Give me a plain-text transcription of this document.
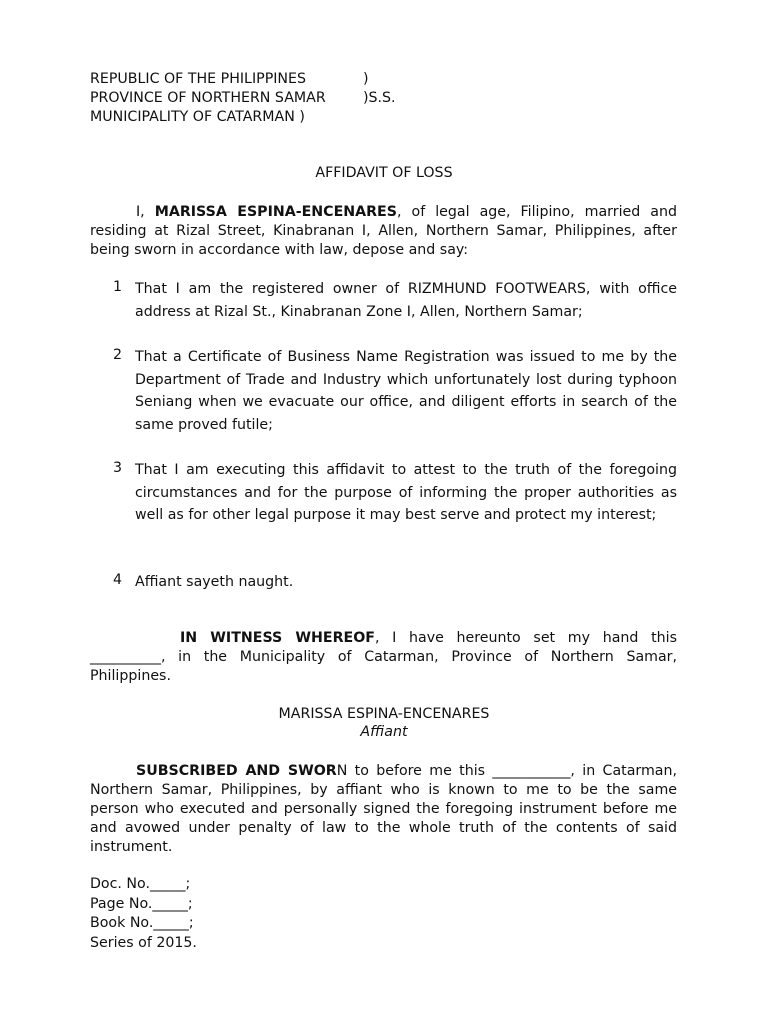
REPUBLIC OF THE PHILIPPINES	)
PROVINCE OF NORTHERN SAMAR	)S.S.
MUNICIPALITY OF CATARMAN )
AFFIDAVIT OF LOSS
I, MARISSA ESPINA-ENCENARES, of legal age, Filipino, married and residing at Rizal Street, Kinabranan I, Allen, Northern Samar, Philippines, after being sworn in accordance with law, depose and say:
1 That I am the registered owner of RIZMHUND FOOTWEARS, with office address at Rizal St., Kinabranan Zone I, Allen, Northern Samar;
2 That a Certificate of Business Name Registration was issued to me by the Department of Trade and Industry which unfortunately lost during typhoon Seniang when we evacuate our office, and diligent efforts in search of the same proved futile;
3 That I am executing this affidavit to attest to the truth of the foregoing circumstances and for the purpose of informing the proper authorities as well as for other legal purpose it may best serve and protect my interest;
4 Affiant sayeth naught.
IN WITNESS WHEREOF, I have hereunto set my hand this __________, in the Municipality of Catarman, Province of Northern Samar, Philippines.
MARISSA ESPINA-ENCENARES
Affiant
SUBSCRIBED AND SWORN to before me this ___________, in Catarman, Northern Samar, Philippines, by affiant who is known to me to be the same person who executed and personally signed the foregoing instrument before me and avowed under penalty of law to the whole truth of the contents of said instrument.
Doc. No._____;
Page No._____;
Book No._____;
Series of 2015.
